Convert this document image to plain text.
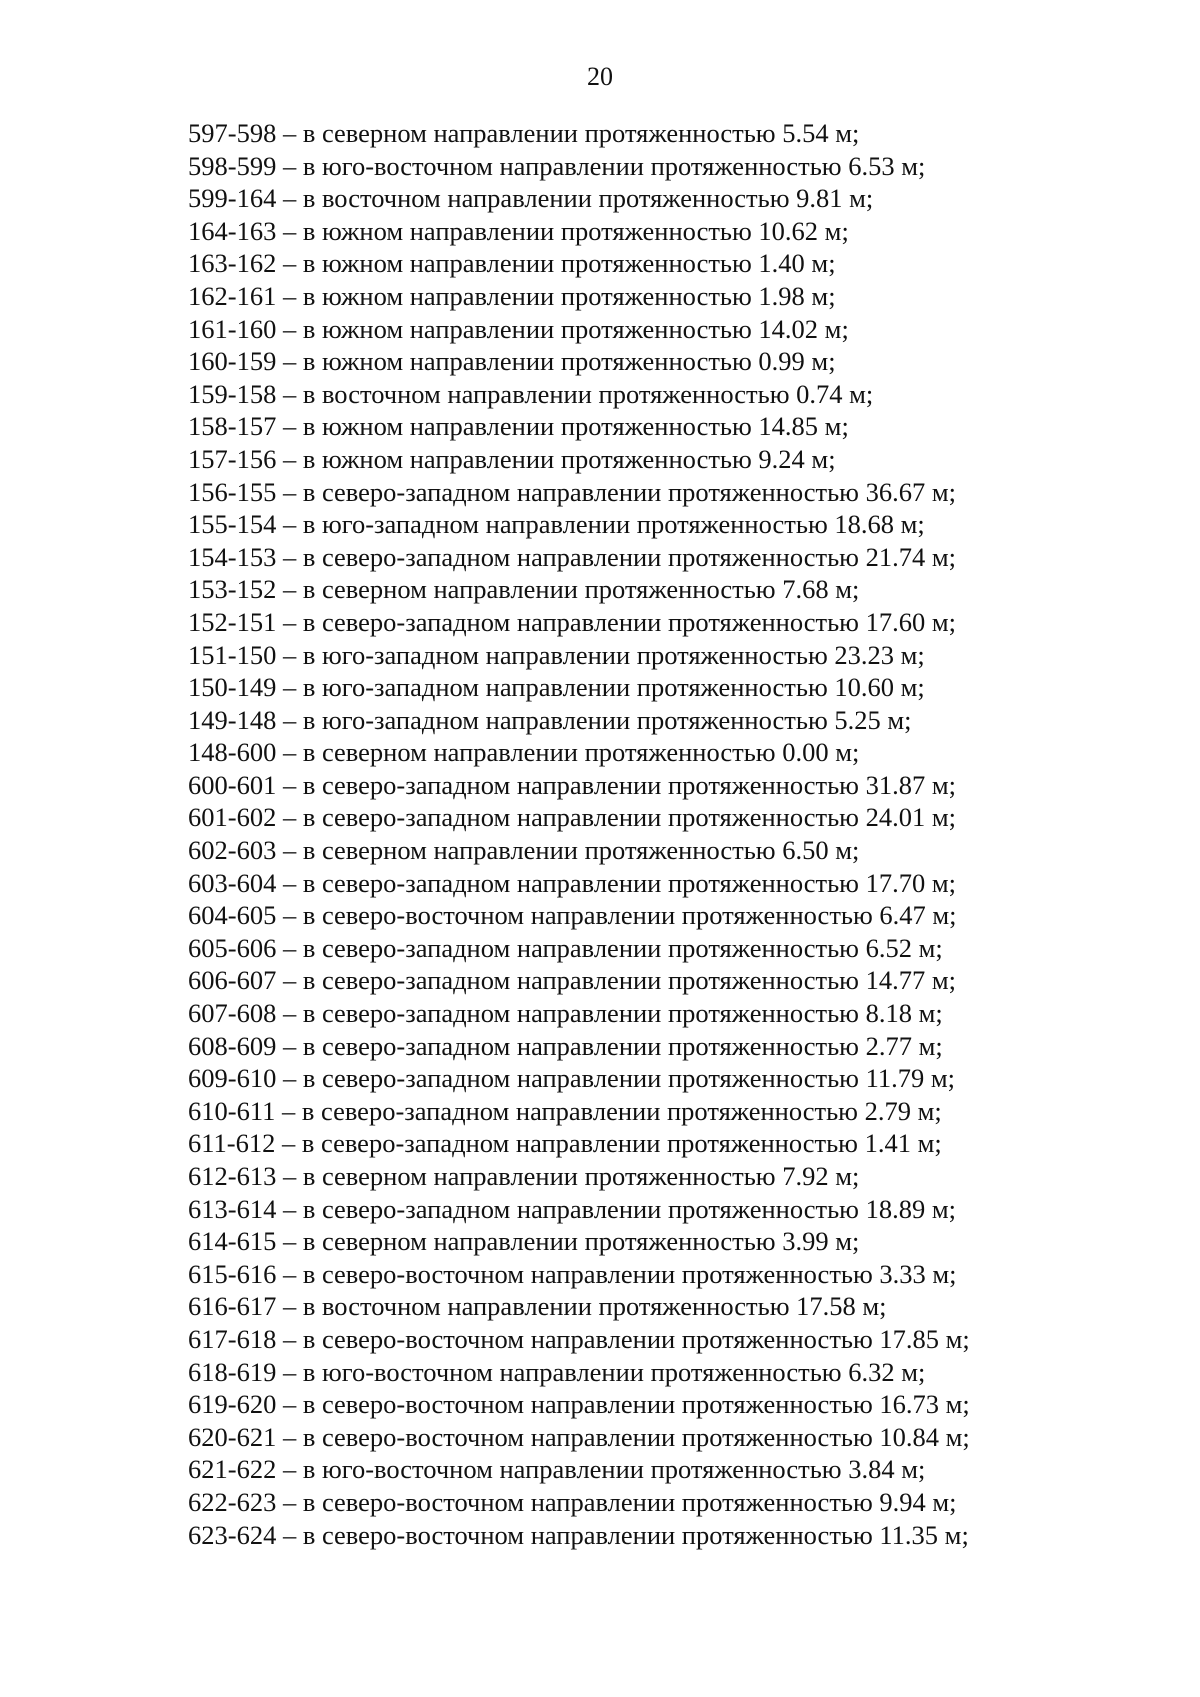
20
597-598 – в северном направлении протяженностью 5.54 м;
598-599 – в юго-восточном направлении протяженностью 6.53 м;
599-164 – в восточном направлении протяженностью 9.81 м;
164-163 – в южном направлении протяженностью 10.62 м;
163-162 – в южном направлении протяженностью 1.40 м;
162-161 – в южном направлении протяженностью 1.98 м;
161-160 – в южном направлении протяженностью 14.02 м;
160-159 – в южном направлении протяженностью 0.99 м;
159-158 – в восточном направлении протяженностью 0.74 м;
158-157 – в южном направлении протяженностью 14.85 м;
157-156 – в южном направлении протяженностью 9.24 м;
156-155 – в северо-западном направлении протяженностью 36.67 м;
155-154 – в юго-западном направлении протяженностью 18.68 м;
154-153 – в северо-западном направлении протяженностью 21.74 м;
153-152 – в северном направлении протяженностью 7.68 м;
152-151 – в северо-западном направлении протяженностью 17.60 м;
151-150 – в юго-западном направлении протяженностью 23.23 м;
150-149 – в юго-западном направлении протяженностью 10.60 м;
149-148 – в юго-западном направлении протяженностью 5.25 м;
148-600 – в северном направлении протяженностью 0.00 м;
600-601 – в северо-западном направлении протяженностью 31.87 м;
601-602 – в северо-западном направлении протяженностью 24.01 м;
602-603 – в северном направлении протяженностью 6.50 м;
603-604 – в северо-западном направлении протяженностью 17.70 м;
604-605 – в северо-восточном направлении протяженностью 6.47 м;
605-606 – в северо-западном направлении протяженностью 6.52 м;
606-607 – в северо-западном направлении протяженностью 14.77 м;
607-608 – в северо-западном направлении протяженностью 8.18 м;
608-609 – в северо-западном направлении протяженностью 2.77 м;
609-610 – в северо-западном направлении протяженностью 11.79 м;
610-611 – в северо-западном направлении протяженностью 2.79 м;
611-612 – в северо-западном направлении протяженностью 1.41 м;
612-613 – в северном направлении протяженностью 7.92 м;
613-614 – в северо-западном направлении протяженностью 18.89 м;
614-615 – в северном направлении протяженностью 3.99 м;
615-616 – в северо-восточном направлении протяженностью 3.33 м;
616-617 – в восточном направлении протяженностью 17.58 м;
617-618 – в северо-восточном направлении протяженностью 17.85 м;
618-619 – в юго-восточном направлении протяженностью 6.32 м;
619-620 – в северо-восточном направлении протяженностью 16.73 м;
620-621 – в северо-восточном направлении протяженностью 10.84 м;
621-622 – в юго-восточном направлении протяженностью 3.84 м;
622-623 – в северо-восточном направлении протяженностью 9.94 м;
623-624 – в северо-восточном направлении протяженностью 11.35 м;
